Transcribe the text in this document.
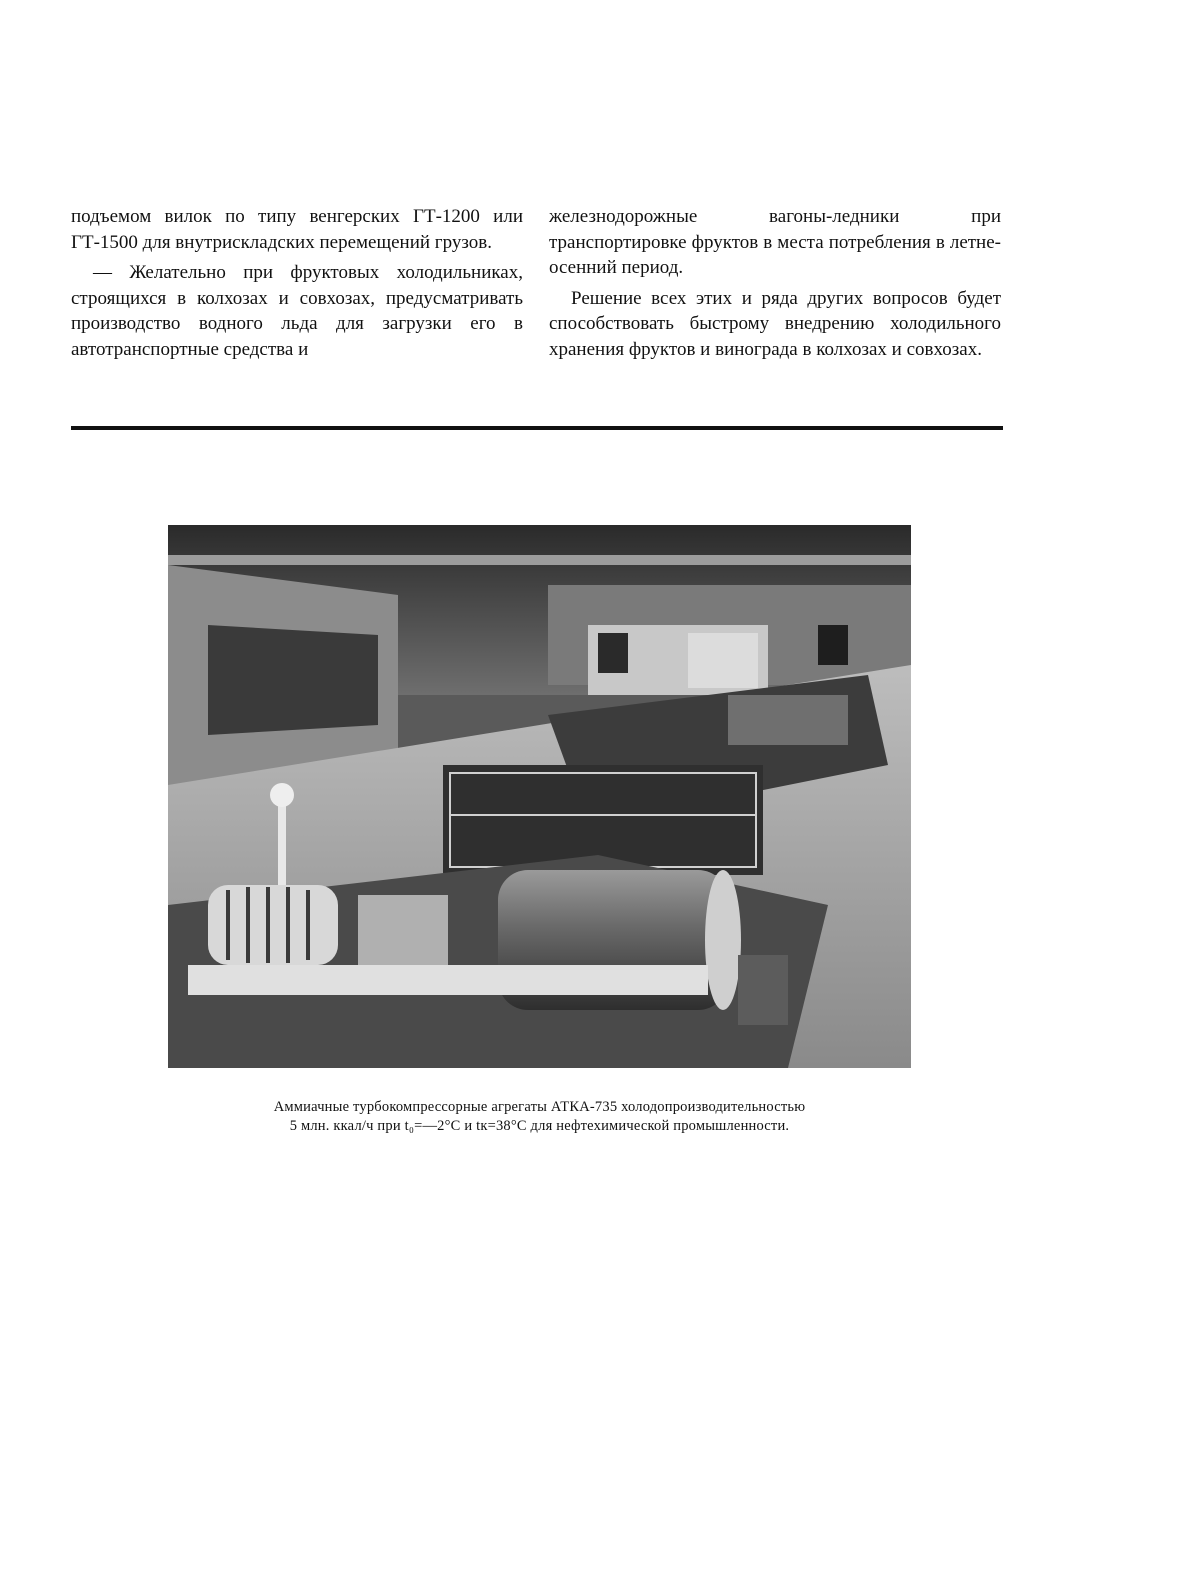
подъемом вилок по типу венгерских ГТ-1200 или ГТ-1500 для внутрискладских перемещений грузов.

— Желательно при фруктовых холодильниках, строящихся в колхозах и совхозах, предусматривать производство водного льда для загрузки его в автотранспортные средства и

железнодорожные вагоны-ледники при транспортировке фруктов в места потребления в летне-осенний период.

Решение всех этих и ряда других вопросов будет способствовать быстрому внедрению холодильного хранения фруктов и винограда в колхозах и совхозах.

Аммиачные турбокомпрессорные агрегаты АТКА-735 холодопроизводительностью

5 млн. ккал/ч при t₀=—2°С и tк=38°С для нефтехимической промышленности.
